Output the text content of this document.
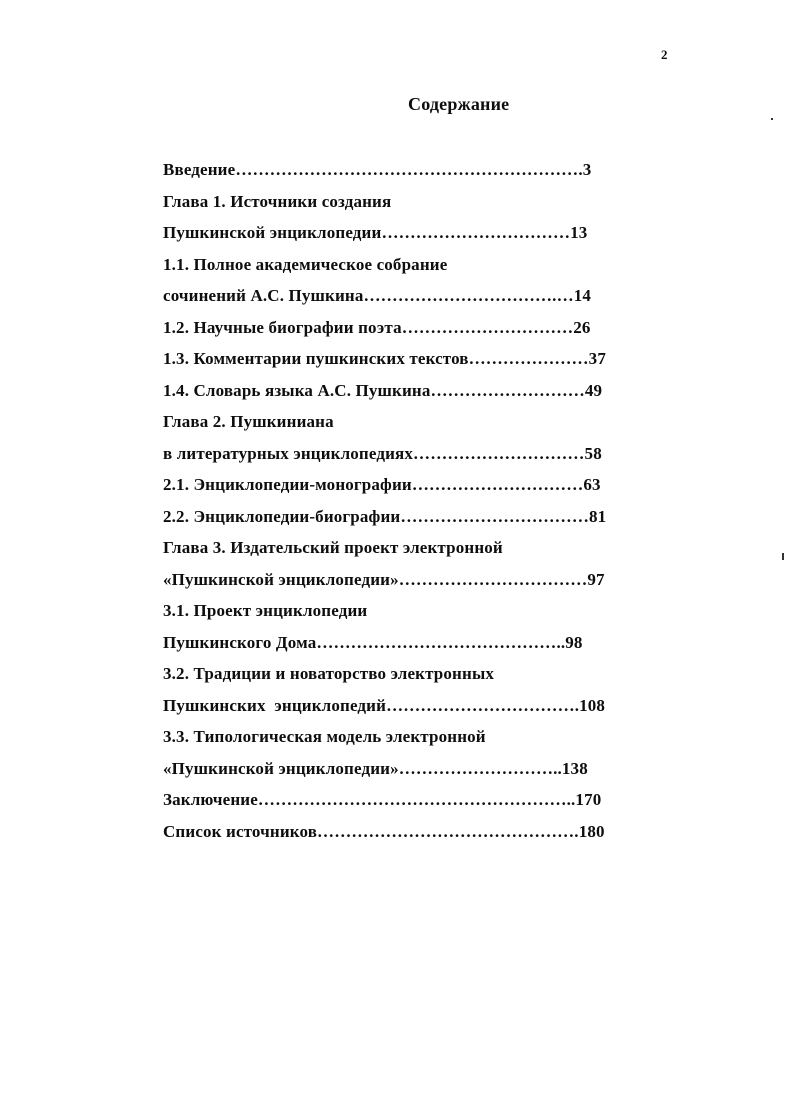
2
Содержание
Введение…………………………………………………….3
Глава 1. Источники создания
Пушкинской энциклопедии……………………………13
1.1. Полное академическое собрание
сочинений А.С. Пушкина…………………………….…14
1.2. Научные биографии поэта…………………………26
1.3. Комментарии пушкинских текстов…………………37
1.4. Словарь языка А.С. Пушкина………………………49
Глава 2. Пушкиниана
в литературных энциклопедиях…………………………58
2.1. Энциклопедии-монографии…………………………63
2.2. Энциклопедии-биографии……………………………81
Глава 3. Издательский проект электронной
«Пушкинской энциклопедии»……………………………97
3.1. Проект энциклопедии
Пушкинского Дома……………………………………..98
3.2. Традиции и новаторство электронных
Пушкинских  энциклопедий…………………………….108
3.3. Типологическая модель электронной
«Пушкинской энциклопедии»………………………..138
Заключение………………………………………………..170
Список источников……………………………………….180
